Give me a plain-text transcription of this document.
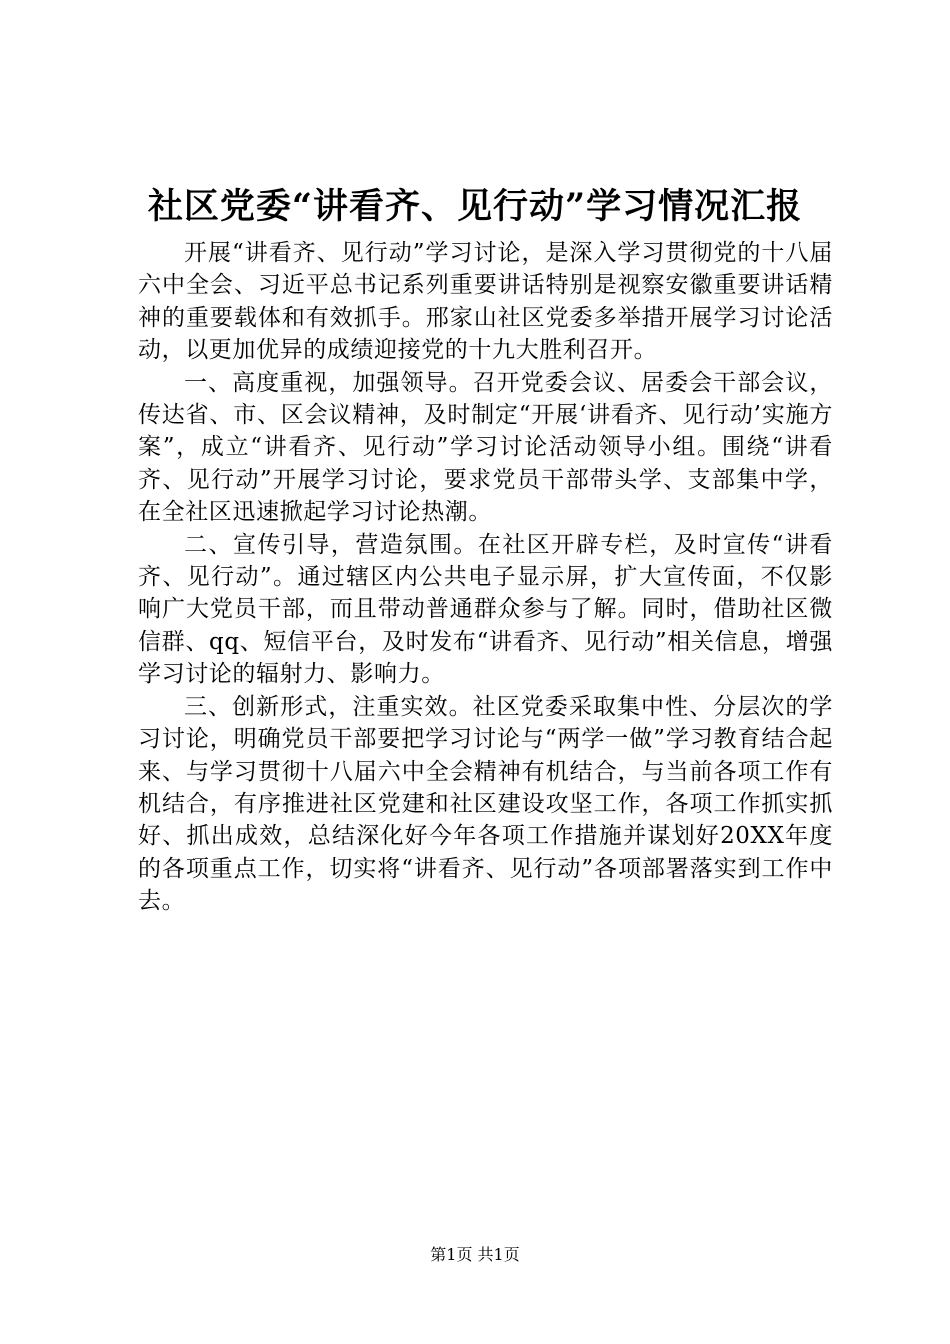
社区党委“讲看齐、见行动”学习情况汇报

开展“讲看齐、见行动”学习讨论，是深入学习贯彻党的十八届六中全会、习近平总书记系列重要讲话特别是视察安徽重要讲话精神的重要载体和有效抓手。邢家山社区党委多举措开展学习讨论活动，以更加优异的成绩迎接党的十九大胜利召开。

一、高度重视，加强领导。召开党委会议、居委会干部会议，传达省、市、区会议精神，及时制定“开展‘讲看齐、见行动’实施方案”，成立“讲看齐、见行动”学习讨论活动领导小组。围绕“讲看齐、见行动”开展学习讨论，要求党员干部带头学、支部集中学，在全社区迅速掀起学习讨论热潮。

二、宣传引导，营造氛围。在社区开辟专栏，及时宣传“讲看齐、见行动”。通过辖区内公共电子显示屏，扩大宣传面，不仅影响广大党员干部，而且带动普通群众参与了解。同时，借助社区微信群、qq、短信平台，及时发布“讲看齐、见行动”相关信息，增强学习讨论的辐射力、影响力。

三、创新形式，注重实效。社区党委采取集中性、分层次的学习讨论，明确党员干部要把学习讨论与“两学一做”学习教育结合起来、与学习贯彻十八届六中全会精神有机结合，与当前各项工作有机结合，有序推进社区党建和社区建设攻坚工作，各项工作抓实抓好、抓出成效，总结深化好今年各项工作措施并谋划好20XX年度的各项重点工作，切实将“讲看齐、见行动”各项部署落实到工作中去。

第1页 共1页
